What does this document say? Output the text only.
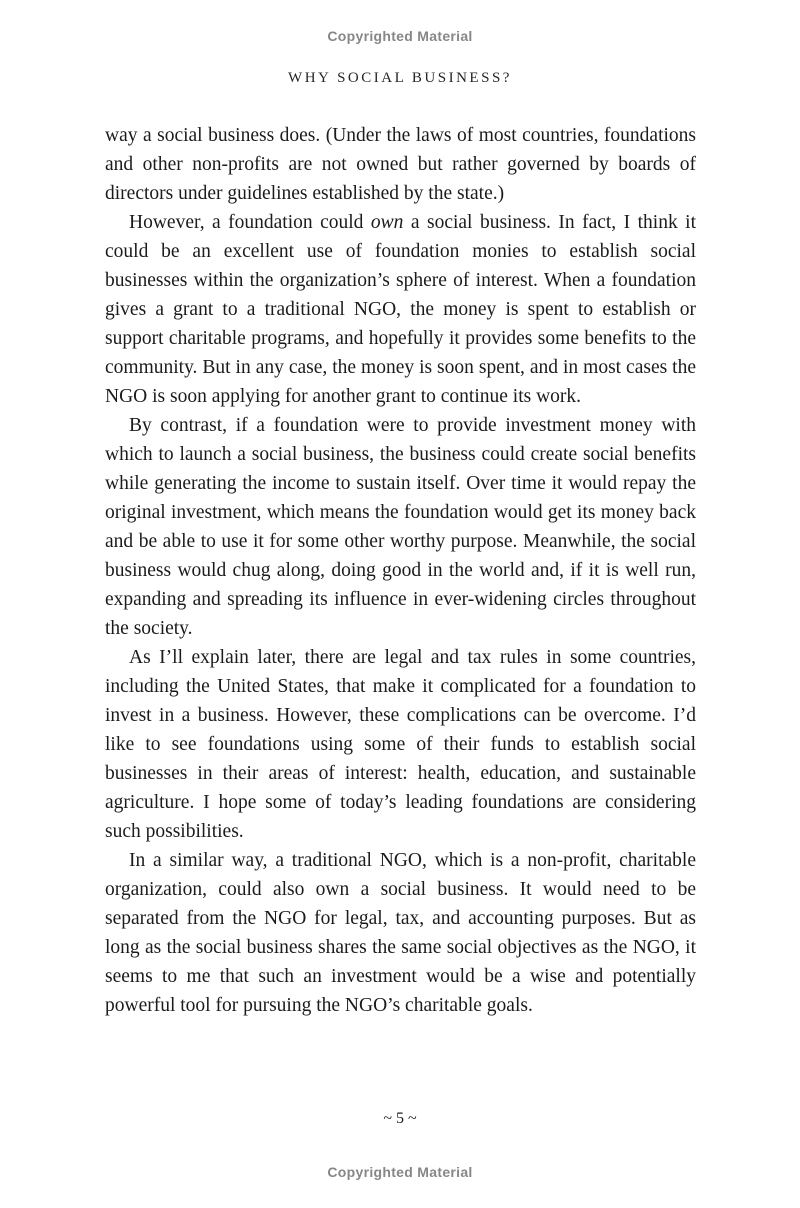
Copyrighted Material
WHY SOCIAL BUSINESS?

way a social business does. (Under the laws of most countries, foundations and other non-profits are not owned but rather governed by boards of directors under guidelines established by the state.)

However, a foundation could own a social business. In fact, I think it could be an excellent use of foundation monies to establish social businesses within the organization’s sphere of interest. When a foundation gives a grant to a traditional NGO, the money is spent to establish or support charitable programs, and hopefully it provides some benefits to the community. But in any case, the money is soon spent, and in most cases the NGO is soon applying for another grant to continue its work.

By contrast, if a foundation were to provide investment money with which to launch a social business, the business could create social benefits while generating the income to sustain itself. Over time it would repay the original investment, which means the foundation would get its money back and be able to use it for some other worthy purpose. Meanwhile, the social business would chug along, doing good in the world and, if it is well run, expanding and spreading its influence in ever-widening circles throughout the society.

As I’ll explain later, there are legal and tax rules in some countries, including the United States, that make it complicated for a foundation to invest in a business. However, these complications can be overcome. I’d like to see foundations using some of their funds to establish social businesses in their areas of interest: health, education, and sustainable agriculture. I hope some of today’s leading foundations are considering such possibilities.

In a similar way, a traditional NGO, which is a non-profit, charitable organization, could also own a social business. It would need to be separated from the NGO for legal, tax, and accounting purposes. But as long as the social business shares the same social objectives as the NGO, it seems to me that such an investment would be a wise and potentially powerful tool for pursuing the NGO’s charitable goals.

~ 5 ~
Copyrighted Material
